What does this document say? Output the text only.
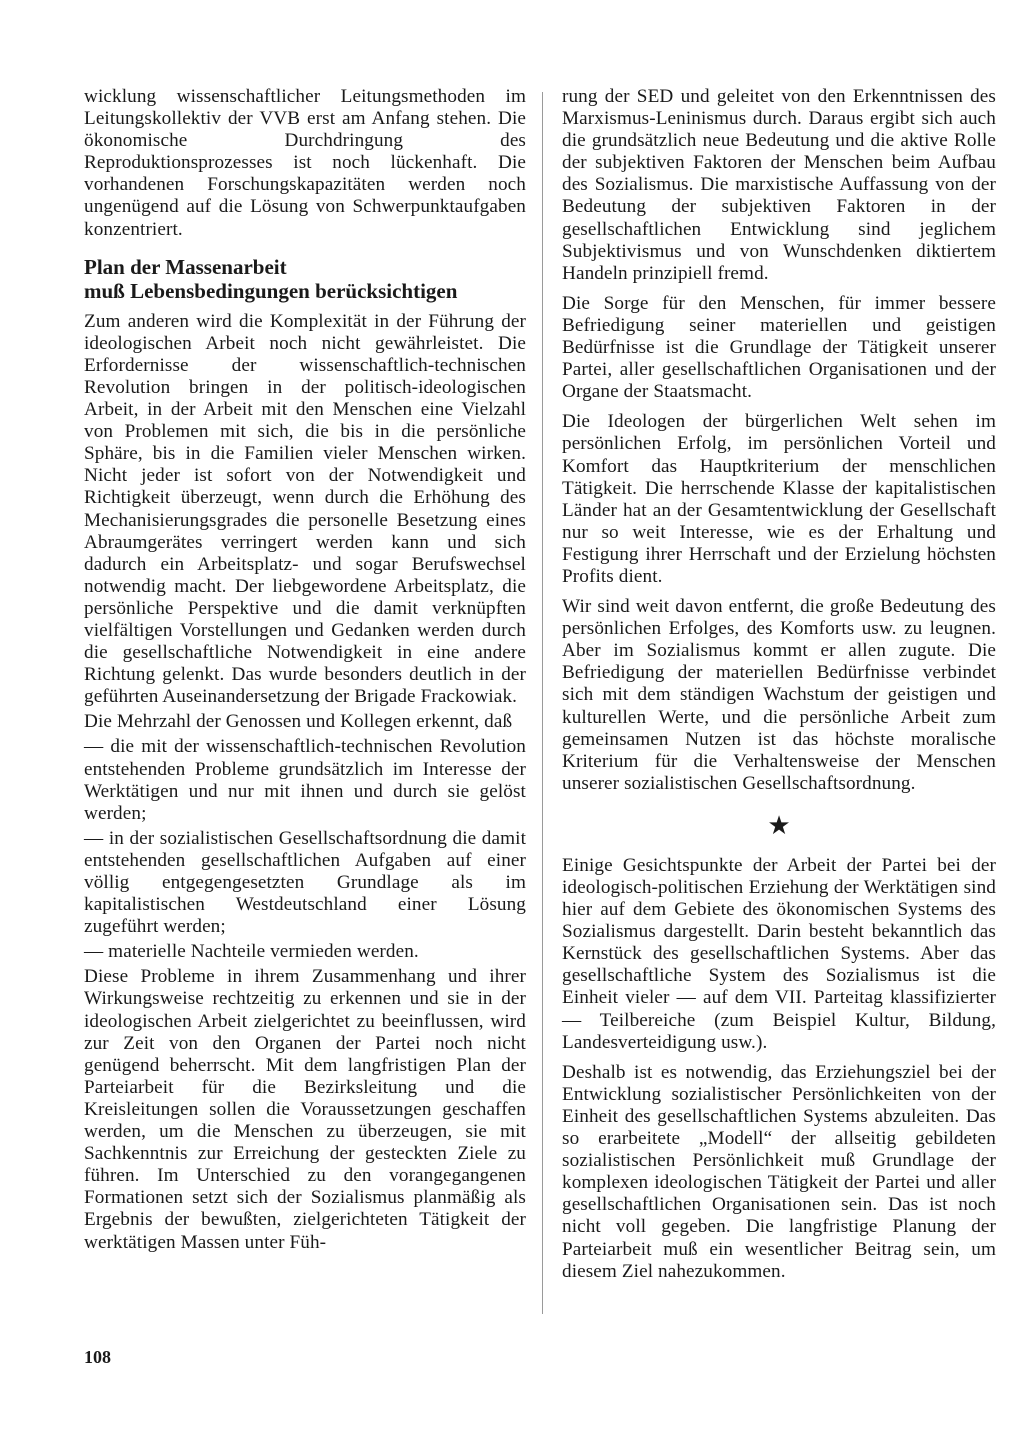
wicklung wissenschaftlicher Leitungsmethoden im Leitungskollektiv der VVB erst am Anfang stehen. Die ökonomische Durchdringung des Reproduktionsprozesses ist noch lückenhaft. Die vorhandenen Forschungskapazitäten werden noch ungenügend auf die Lösung von Schwerpunktaufgaben konzentriert.

Plan der Massenarbeit
muß Lebensbedingungen berücksichtigen

Zum anderen wird die Komplexität in der Führung der ideologischen Arbeit noch nicht gewährleistet. Die Erfordernisse der wissenschaftlich-technischen Revolution bringen in der politisch-ideologischen Arbeit, in der Arbeit mit den Menschen eine Vielzahl von Problemen mit sich, die bis in die persönliche Sphäre, bis in die Familien vieler Menschen wirken. Nicht jeder ist sofort von der Notwendigkeit und Richtigkeit überzeugt, wenn durch die Erhöhung des Mechanisierungsgrades die personelle Besetzung eines Abraumgerätes verringert werden kann und sich dadurch ein Arbeitsplatz- und sogar Berufswechsel notwendig macht. Der liebgewordene Arbeitsplatz, die persönliche Perspektive und die damit verknüpften vielfältigen Vorstellungen und Gedanken werden durch die gesellschaftliche Notwendigkeit in eine andere Richtung gelenkt. Das wurde besonders deutlich in der geführten Auseinandersetzung der Brigade Frackowiak.

Die Mehrzahl der Genossen und Kollegen erkennt, daß

— die mit der wissenschaftlich-technischen Revolution entstehenden Probleme grundsätzlich im Interesse der Werktätigen und nur mit ihnen und durch sie gelöst werden;

— in der sozialistischen Gesellschaftsordnung die damit entstehenden gesellschaftlichen Aufgaben auf einer völlig entgegengesetzten Grundlage als im kapitalistischen Westdeutschland einer Lösung zugeführt werden;

— materielle Nachteile vermieden werden.

Diese Probleme in ihrem Zusammenhang und ihrer Wirkungsweise rechtzeitig zu erkennen und sie in der ideologischen Arbeit zielgerichtet zu beeinflussen, wird zur Zeit von den Organen der Partei noch nicht genügend beherrscht. Mit dem langfristigen Plan der Parteiarbeit für die Bezirksleitung und die Kreisleitungen sollen die Voraussetzungen geschaffen werden, um die Menschen zu überzeugen, sie mit Sachkenntnis zur Erreichung der gesteckten Ziele zu führen. Im Unterschied zu den vorangegangenen Formationen setzt sich der Sozialismus planmäßig als Ergebnis der bewußten, zielgerichteten Tätigkeit der werktätigen Massen unter Füh-

rung der SED und geleitet von den Erkenntnissen des Marxismus-Leninismus durch. Daraus ergibt sich auch die grundsätzlich neue Bedeutung und die aktive Rolle der subjektiven Faktoren der Menschen beim Aufbau des Sozialismus. Die marxistische Auffassung von der Bedeutung der subjektiven Faktoren in der gesellschaftlichen Entwicklung sind jeglichem Subjektivismus und von Wunschdenken diktiertem Handeln prinzipiell fremd.

Die Sorge für den Menschen, für immer bessere Befriedigung seiner materiellen und geistigen Bedürfnisse ist die Grundlage der Tätigkeit unserer Partei, aller gesellschaftlichen Organisationen und der Organe der Staatsmacht.

Die Ideologen der bürgerlichen Welt sehen im persönlichen Erfolg, im persönlichen Vorteil und Komfort das Hauptkriterium der menschlichen Tätigkeit. Die herrschende Klasse der kapitalistischen Länder hat an der Gesamtentwicklung der Gesellschaft nur so weit Interesse, wie es der Erhaltung und Festigung ihrer Herrschaft und der Erzielung höchsten Profits dient.

Wir sind weit davon entfernt, die große Bedeutung des persönlichen Erfolges, des Komforts usw. zu leugnen. Aber im Sozialismus kommt er allen zugute. Die Befriedigung der materiellen Bedürfnisse verbindet sich mit dem ständigen Wachstum der geistigen und kulturellen Werte, und die persönliche Arbeit zum gemeinsamen Nutzen ist das höchste moralische Kriterium für die Verhaltensweise der Menschen unserer sozialistischen Gesellschaftsordnung.

★

Einige Gesichtspunkte der Arbeit der Partei bei der ideologisch-politischen Erziehung der Werktätigen sind hier auf dem Gebiete des ökonomischen Systems des Sozialismus dargestellt. Darin besteht bekanntlich das Kernstück des gesellschaftlichen Systems. Aber das gesellschaftliche System des Sozialismus ist die Einheit vieler — auf dem VII. Parteitag klassifizierter — Teilbereiche (zum Beispiel Kultur, Bildung, Landesverteidigung usw.).

Deshalb ist es notwendig, das Erziehungsziel bei der Entwicklung sozialistischer Persönlichkeiten von der Einheit des gesellschaftlichen Systems abzuleiten. Das so erarbeitete „Modell“ der allseitig gebildeten sozialistischen Persönlichkeit muß Grundlage der komplexen ideologischen Tätigkeit der Partei und aller gesellschaftlichen Organisationen sein. Das ist noch nicht voll gegeben. Die langfristige Planung der Parteiarbeit muß ein wesentlicher Beitrag sein, um diesem Ziel nahezukommen.

108
